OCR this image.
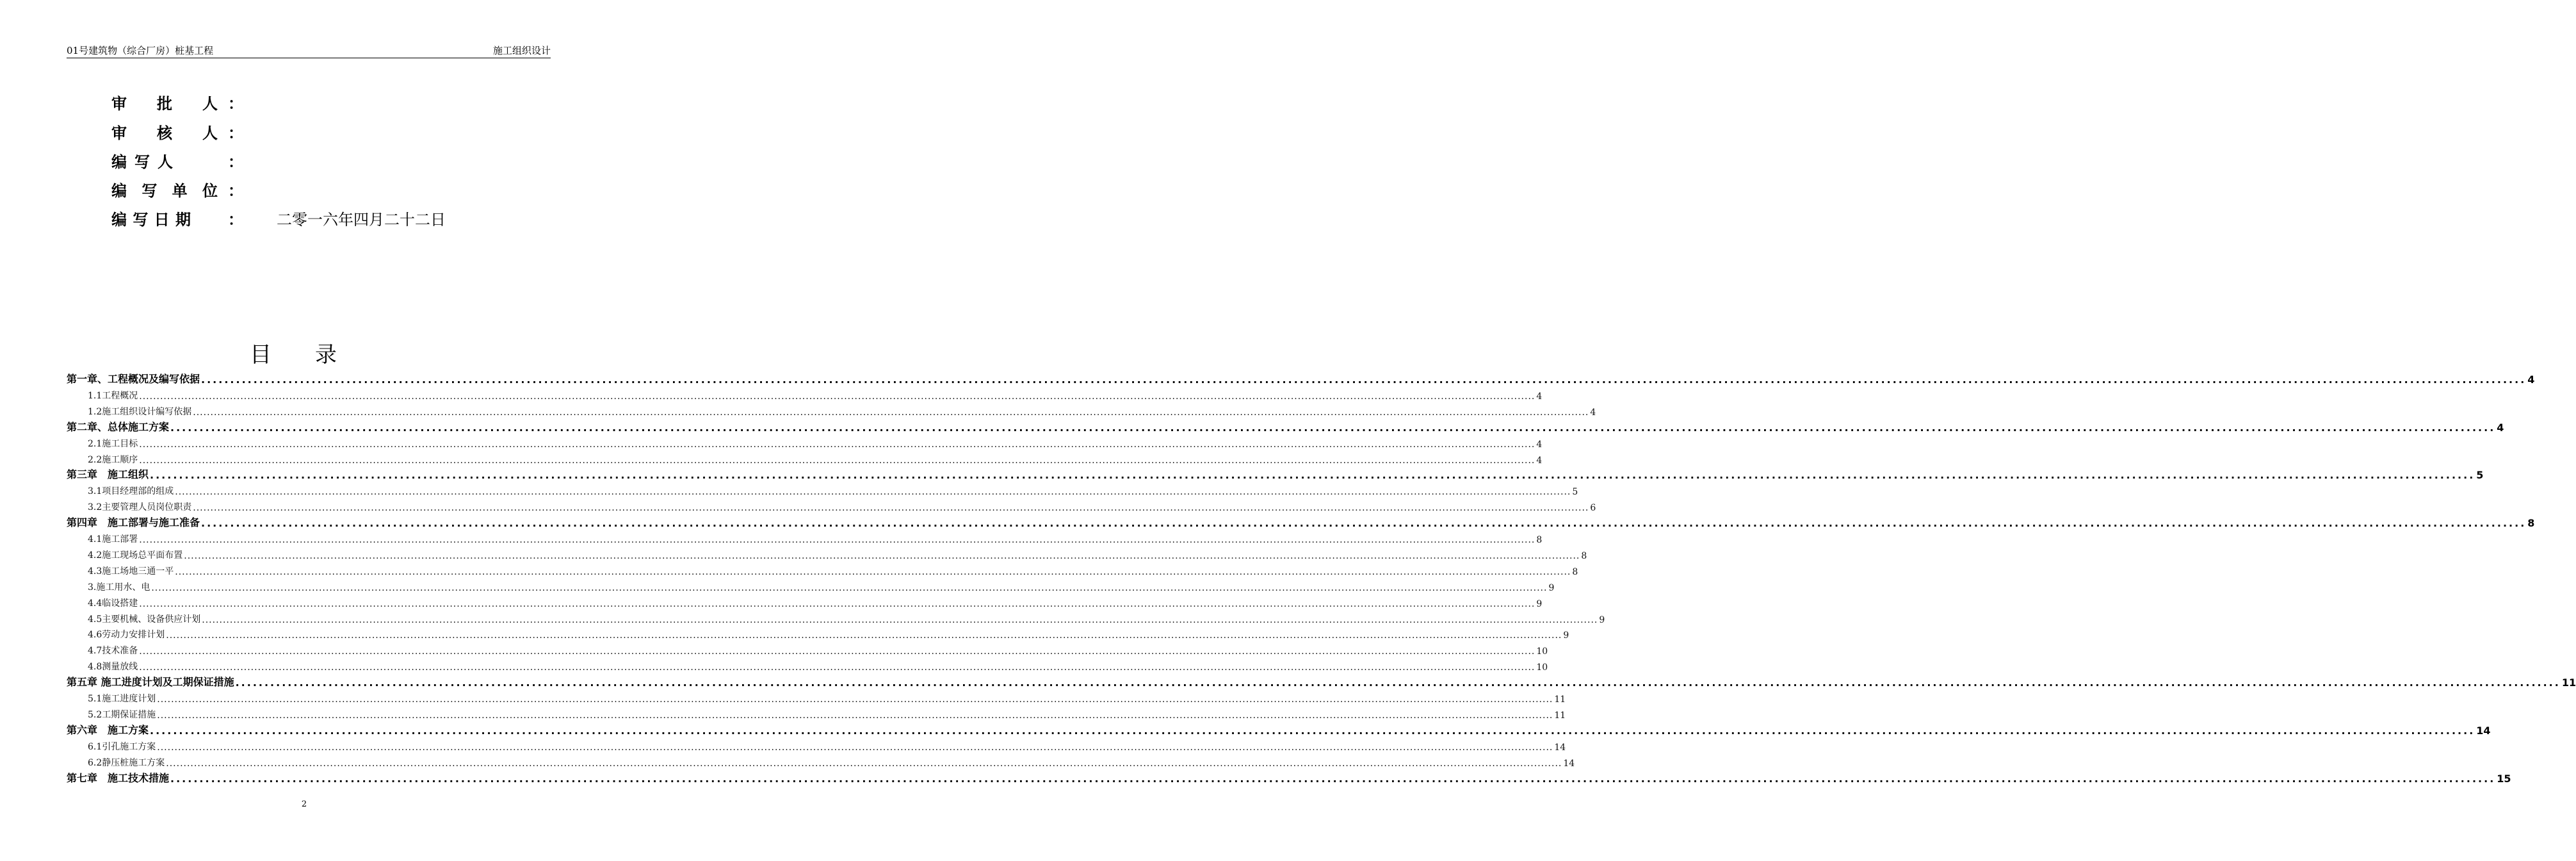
01号建筑物（综合厂房）桩基工程	施工组织设计
审 批 人 ：
审 核 人 ：
编 写 人	：
编 写 单 位 ：
编 写 日 期 ： 二零一六年四月二十二日
目录
第一章、工程概况及编写依据 ................................................................................................................................................................................................................................................................................................................................................................................................................ 4
1.1工程概况 ................................................................................................................................................................................................................................................................................................................................................................................................................ 4
1.2施工组织设计编写依据 ................................................................................................................................................................................................................................................................................................................................................................................................................ 4
第二章、总体施工方案 ................................................................................................................................................................................................................................................................................................................................................................................................................ 4
2.1施工目标 ................................................................................................................................................................................................................................................................................................................................................................................................................ 4
2.2施工顺序 ................................................................................................................................................................................................................................................................................................................................................................................................................ 4
第三章　施工组织 ................................................................................................................................................................................................................................................................................................................................................................................................................ 5
3.1项目经理部的组成 ................................................................................................................................................................................................................................................................................................................................................................................................................ 5
3.2主要管理人员岗位职责 ................................................................................................................................................................................................................................................................................................................................................................................................................ 6
第四章　施工部署与施工准备 ................................................................................................................................................................................................................................................................................................................................................................................................................ 8
4.1施工部署 ................................................................................................................................................................................................................................................................................................................................................................................................................ 8
4.2施工现场总平面布置 ................................................................................................................................................................................................................................................................................................................................................................................................................ 8
4.3施工场地三通一平 ................................................................................................................................................................................................................................................................................................................................................................................................................ 8
3.施工用水、电 ................................................................................................................................................................................................................................................................................................................................................................................................................ 9
4.4临设搭建 ................................................................................................................................................................................................................................................................................................................................................................................................................ 9
4.5主要机械、设备供应计划 ................................................................................................................................................................................................................................................................................................................................................................................................................ 9
4.6劳动力安排计划 ................................................................................................................................................................................................................................................................................................................................................................................................................ 9
4.7技术准备 ................................................................................................................................................................................................................................................................................................................................................................................................................ 10
4.8测量放线 ................................................................................................................................................................................................................................................................................................................................................................................................................ 10
第五章 施工进度计划及工期保证措施 ................................................................................................................................................................................................................................................................................................................................................................................................................ 11
5.1施工进度计划 ................................................................................................................................................................................................................................................................................................................................................................................................................ 11
5.2工期保证措施 ................................................................................................................................................................................................................................................................................................................................................................................................................ 11
第六章　施工方案 ................................................................................................................................................................................................................................................................................................................................................................................................................ 14
6.1引孔施工方案 ................................................................................................................................................................................................................................................................................................................................................................................................................ 14
6.2静压桩施工方案 ................................................................................................................................................................................................................................................................................................................................................................................................................ 14
第七章　施工技术措施 ................................................................................................................................................................................................................................................................................................................................................................................................................ 15
2
